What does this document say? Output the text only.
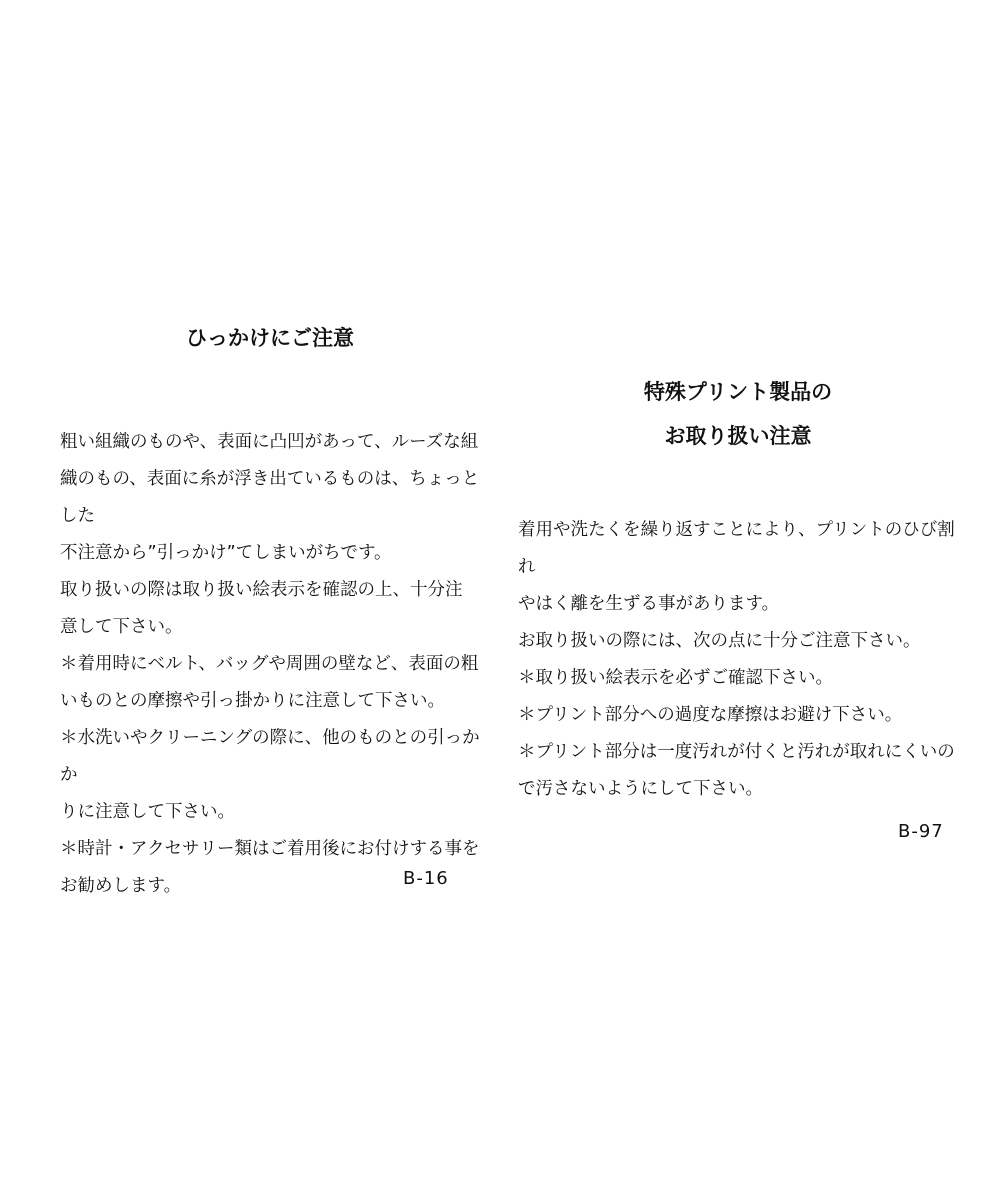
ひっかけにご注意

粗い組織のものや、表面に凸凹があって、ルーズな組

織のもの、表面に糸が浮き出ているものは、ちょっとした

不注意から”引っかけ”てしまいがちです。

取り扱いの際は取り扱い絵表示を確認の上、十分注

意して下さい。

＊着用時にベルト、バッグや周囲の壁など、表面の粗

いものとの摩擦や引っ掛かりに注意して下さい。

＊水洗いやクリーニングの際に、他のものとの引っかか

りに注意して下さい。

＊時計・アクセサリー類はご着用後にお付けする事を

お勧めします。	B-16

特殊プリント製品の

お取り扱い注意

着用や洗たくを繰り返すことにより、プリントのひび割れ

やはく離を生ずる事があります。

お取り扱いの際には、次の点に十分ご注意下さい。

＊取り扱い絵表示を必ずご確認下さい。

＊プリント部分への過度な摩擦はお避け下さい。

＊プリント部分は一度汚れが付くと汚れが取れにくいの

で汚さないようにして下さい。

B-97
